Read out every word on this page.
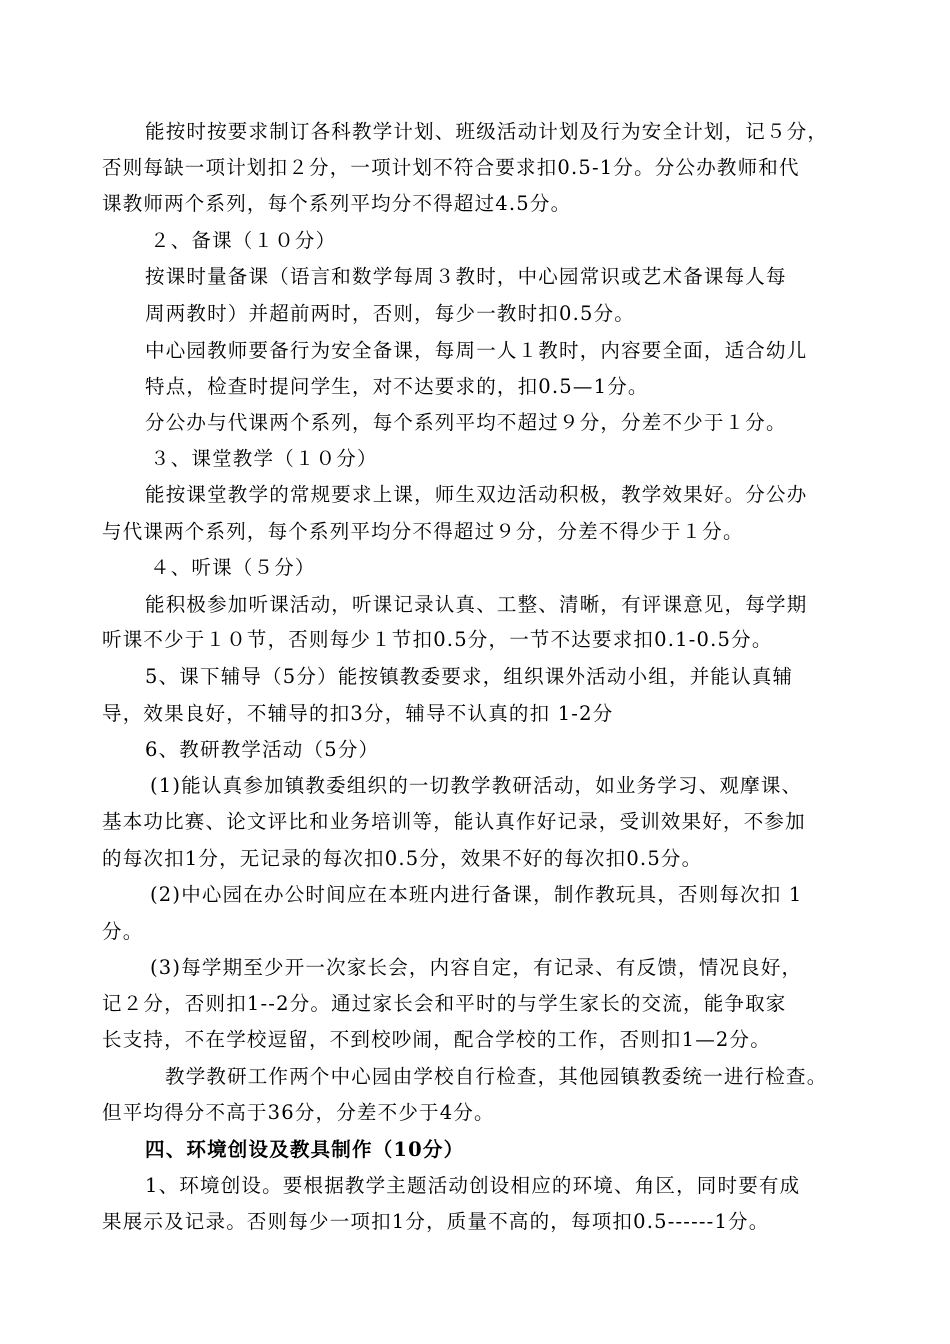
能按时按要求制订各科教学计划、班级活动计划及行为安全计划，记５分，
否则每缺一项计划扣２分，一项计划不符合要求扣0.5-1分。分公办教师和代
课教师两个系列，每个系列平均分不得超过4.5分。
２、备课（１０分）
按课时量备课（语言和数学每周３教时，中心园常识或艺术备课每人每
周两教时）并超前两时，否则，每少一教时扣0.5分。
中心园教师要备行为安全备课，每周一人１教时，内容要全面，适合幼儿
特点，检查时提问学生，对不达要求的，扣0.5—1分。
分公办与代课两个系列，每个系列平均不超过９分，分差不少于１分。
３、课堂教学（１０分）
能按课堂教学的常规要求上课，师生双边活动积极，教学效果好。分公办
与代课两个系列，每个系列平均分不得超过９分，分差不得少于１分。
４、听课（５分）
能积极参加听课活动，听课记录认真、工整、清晰，有评课意见，每学期
听课不少于１０节，否则每少１节扣0.5分，一节不达要求扣0.1-0.5分。
5、课下辅导（5分）能按镇教委要求，组织课外活动小组，并能认真辅
导，效果良好，不辅导的扣3分，辅导不认真的扣 1-2分
6、教研教学活动（5分）
(1)能认真参加镇教委组织的一切教学教研活动，如业务学习、观摩课、
基本功比赛、论文评比和业务培训等，能认真作好记录，受训效果好，不参加
的每次扣1分，无记录的每次扣0.5分，效果不好的每次扣0.5分。
(2)中心园在办公时间应在本班内进行备课，制作教玩具，否则每次扣 1
分。
(3)每学期至少开一次家长会，内容自定，有记录、有反馈，情况良好，
记２分，否则扣1--2分。通过家长会和平时的与学生家长的交流，能争取家
长支持，不在学校逗留，不到校吵闹，配合学校的工作，否则扣1—2分。
教学教研工作两个中心园由学校自行检查，其他园镇教委统一进行检查。
但平均得分不高于36分，分差不少于4分。
四、环境创设及教具制作（10分）
1、环境创设。要根据教学主题活动创设相应的环境、角区，同时要有成
果展示及记录。否则每少一项扣1分，质量不高的，每项扣0.5------1分。
